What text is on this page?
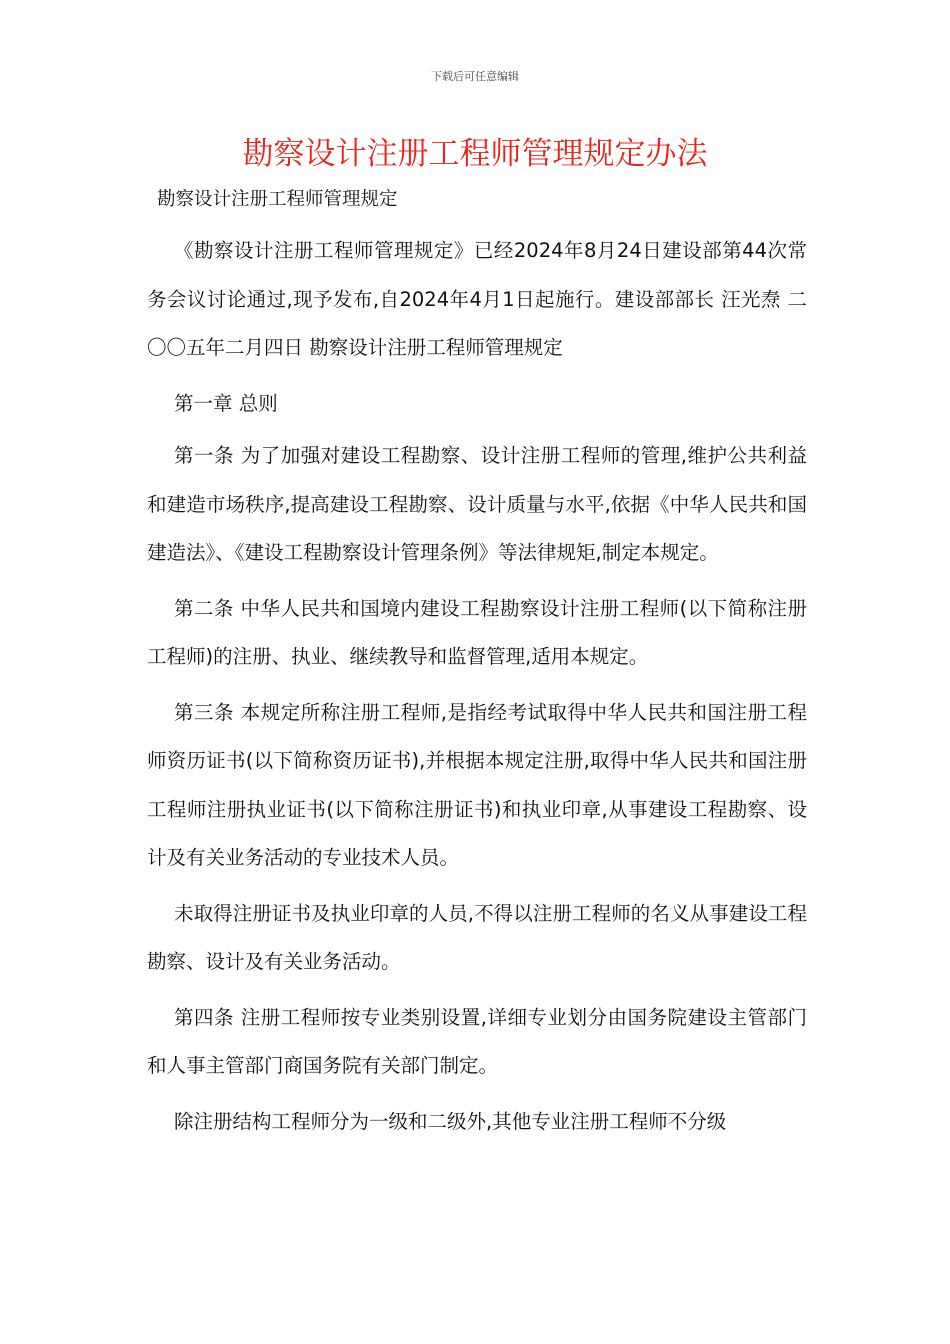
下载后可任意编辑
勘察设计注册工程师管理规定办法
勘察设计注册工程师管理规定

《勘察设计注册工程师管理规定》已经2024年8月24日建设部第44次常务会议讨论通过,现予发布,自2024年4月1日起施行。建设部部长 汪光焘 二〇〇五年二月四日 勘察设计注册工程师管理规定

第一章 总则

第一条 为了加强对建设工程勘察、设计注册工程师的管理,维护公共利益和建造市场秩序,提高建设工程勘察、设计质量与水平,依据《中华人民共和国建造法》、《建设工程勘察设计管理条例》等法律规矩,制定本规定。

第二条 中华人民共和国境内建设工程勘察设计注册工程师(以下简称注册工程师)的注册、执业、继续教导和监督管理,适用本规定。

第三条 本规定所称注册工程师,是指经考试取得中华人民共和国注册工程师资历证书(以下简称资历证书),并根据本规定注册,取得中华人民共和国注册工程师注册执业证书(以下简称注册证书)和执业印章,从事建设工程勘察、设计及有关业务活动的专业技术人员。

未取得注册证书及执业印章的人员,不得以注册工程师的名义从事建设工程勘察、设计及有关业务活动。

第四条 注册工程师按专业类别设置,详细专业划分由国务院建设主管部门和人事主管部门商国务院有关部门制定。

除注册结构工程师分为一级和二级外,其他专业注册工程师不分级
